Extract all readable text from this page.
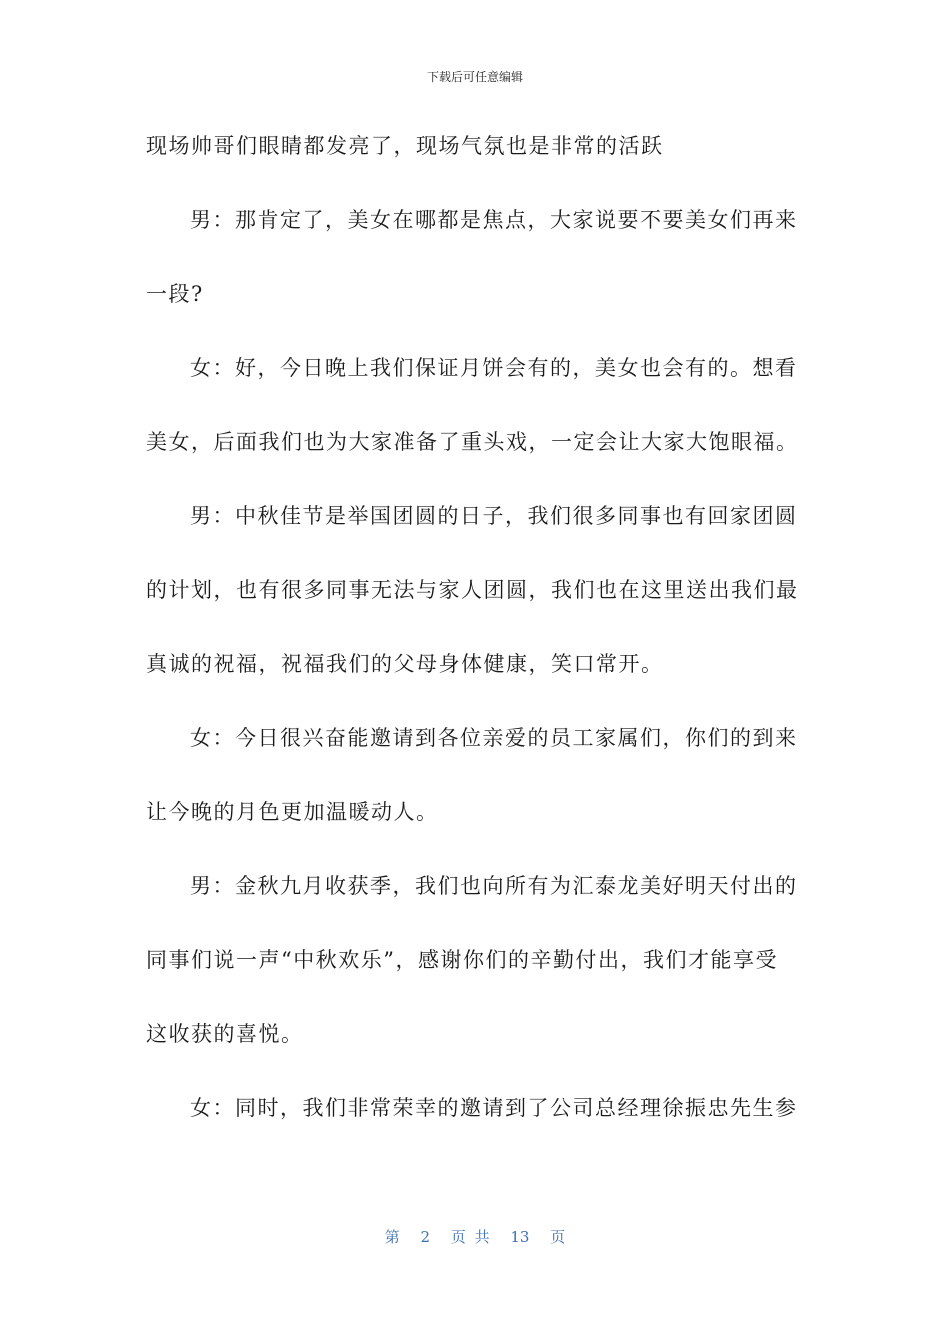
下载后可任意编辑
现场帅哥们眼睛都发亮了，现场气氛也是非常的活跃
男：那肯定了，美女在哪都是焦点，大家说要不要美女们再来
一段?
女：好，今日晚上我们保证月饼会有的，美女也会有的。想看
美女，后面我们也为大家准备了重头戏，一定会让大家大饱眼福。
男：中秋佳节是举国团圆的日子，我们很多同事也有回家团圆
的计划，也有很多同事无法与家人团圆，我们也在这里送出我们最
真诚的祝福，祝福我们的父母身体健康，笑口常开。
女：今日很兴奋能邀请到各位亲爱的员工家属们，你们的到来
让今晚的月色更加温暖动人。
男：金秋九月收获季，我们也向所有为汇泰龙美好明天付出的
同事们说一声“中秋欢乐”，感谢你们的辛勤付出，我们才能享受
这收获的喜悦。
女：同时，我们非常荣幸的邀请到了公司总经理徐振忠先生参
第 2 页 共 13 页
